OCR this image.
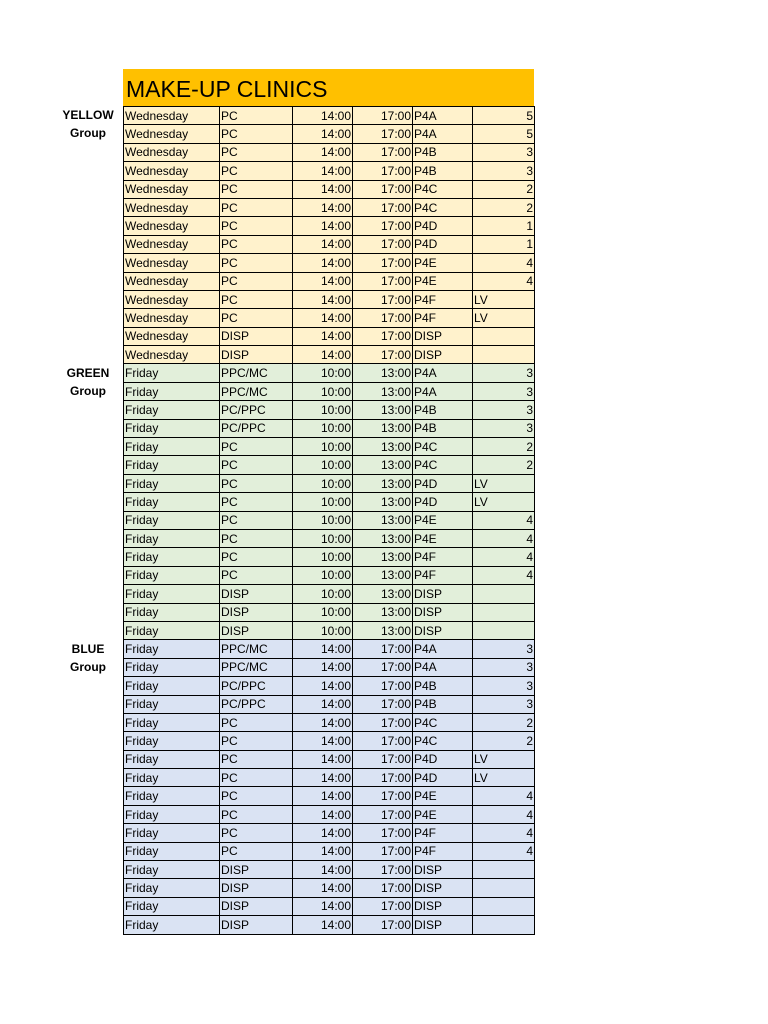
MAKE-UP CLINICS
YELLOW
Group
GREEN
Group
BLUE
Group
Wednesday	PC	14:00	17:00	P4A	5
Wednesday	PC	14:00	17:00	P4A	5
Wednesday	PC	14:00	17:00	P4B	3
Wednesday	PC	14:00	17:00	P4B	3
Wednesday	PC	14:00	17:00	P4C	2
Wednesday	PC	14:00	17:00	P4C	2
Wednesday	PC	14:00	17:00	P4D	1
Wednesday	PC	14:00	17:00	P4D	1
Wednesday	PC	14:00	17:00	P4E	4
Wednesday	PC	14:00	17:00	P4E	4
Wednesday	PC	14:00	17:00	P4F	LV
Wednesday	PC	14:00	17:00	P4F	LV
Wednesday	DISP	14:00	17:00	DISP	
Wednesday	DISP	14:00	17:00	DISP	
Friday	PPC/MC	10:00	13:00	P4A	3
Friday	PPC/MC	10:00	13:00	P4A	3
Friday	PC/PPC	10:00	13:00	P4B	3
Friday	PC/PPC	10:00	13:00	P4B	3
Friday	PC	10:00	13:00	P4C	2
Friday	PC	10:00	13:00	P4C	2
Friday	PC	10:00	13:00	P4D	LV
Friday	PC	10:00	13:00	P4D	LV
Friday	PC	10:00	13:00	P4E	4
Friday	PC	10:00	13:00	P4E	4
Friday	PC	10:00	13:00	P4F	4
Friday	PC	10:00	13:00	P4F	4
Friday	DISP	10:00	13:00	DISP	
Friday	DISP	10:00	13:00	DISP	
Friday	DISP	10:00	13:00	DISP	
Friday	PPC/MC	14:00	17:00	P4A	3
Friday	PPC/MC	14:00	17:00	P4A	3
Friday	PC/PPC	14:00	17:00	P4B	3
Friday	PC/PPC	14:00	17:00	P4B	3
Friday	PC	14:00	17:00	P4C	2
Friday	PC	14:00	17:00	P4C	2
Friday	PC	14:00	17:00	P4D	LV
Friday	PC	14:00	17:00	P4D	LV
Friday	PC	14:00	17:00	P4E	4
Friday	PC	14:00	17:00	P4E	4
Friday	PC	14:00	17:00	P4F	4
Friday	PC	14:00	17:00	P4F	4
Friday	DISP	14:00	17:00	DISP	
Friday	DISP	14:00	17:00	DISP	
Friday	DISP	14:00	17:00	DISP	
Friday	DISP	14:00	17:00	DISP	
